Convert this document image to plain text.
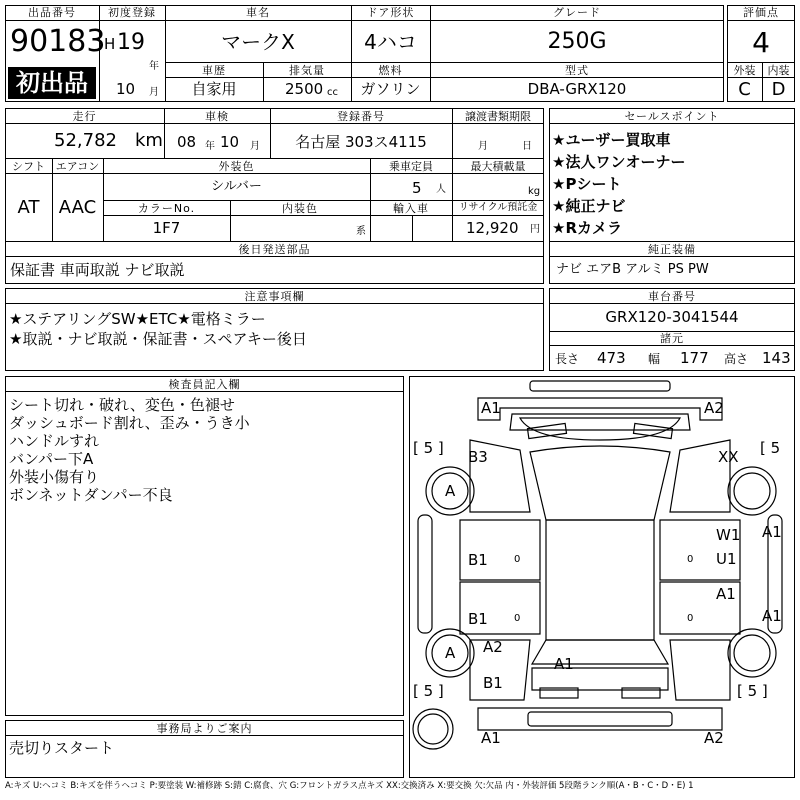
出品番号
90183
初出品
初度登録
H 19
年
10 月
車名
マークX
ドア形状
4ハコ
グレード
250G
評価点
4
車歴
自家用
排気量
2500 cc
燃料
ガソリン
型式
DBA-GRX120
外装	内装
C	D
走行
52,782 km
車検
08 年 10 月
登録番号
名古屋 303ス4115
譲渡書類期限
月	日
シフト
AT
エアコン
AAC
外装色
シルバー
乗車定員
5 人
最大積載量
kg
カラーNo.
1F7
内装色
系
輸入車	リサイクル預託金
12,920 円
後日発送部品
保証書 車両取説 ナビ取説
セールスポイント
★ユーザー買取車
★法人ワンオーナー
★Pシート
★純正ナビ
★Rカメラ
純正装備
ナビ エアB アルミ PS PW
注意事項欄
★ステアリングSW★ETC★電格ミラー
★取説・ナビ取説・保証書・スペアキー後日
車台番号
GRX120-3041544
諸元
長さ 473 幅 177 高さ 143
検査員記入欄
シート切れ・破れ、変色・色褪せ
ダッシュボード割れ、歪み・うき小
ハンドルすれ
バンパー下A
外装小傷有り
ボンネットダンパー不良
事務局よりご案内
売切りスタート
A1	A2
[ 5 ]	[ 5
B3	XX
A
A1
W1
B1	0	0 U1
A1
B1	0	0	A1
A2
A
A1
B1
[ 5 ]	[ 5 ]
A1	A2
A:キズ U:ヘコミ B:キズを伴うヘコミ P:要塗装 W:補修跡 S:錆 C:腐食、穴 G:フロントガラス点キズ XX:交換済み X:要交換 欠:欠品 内・外装評価 5段階ランク順(A・B・C・D・E) 1
